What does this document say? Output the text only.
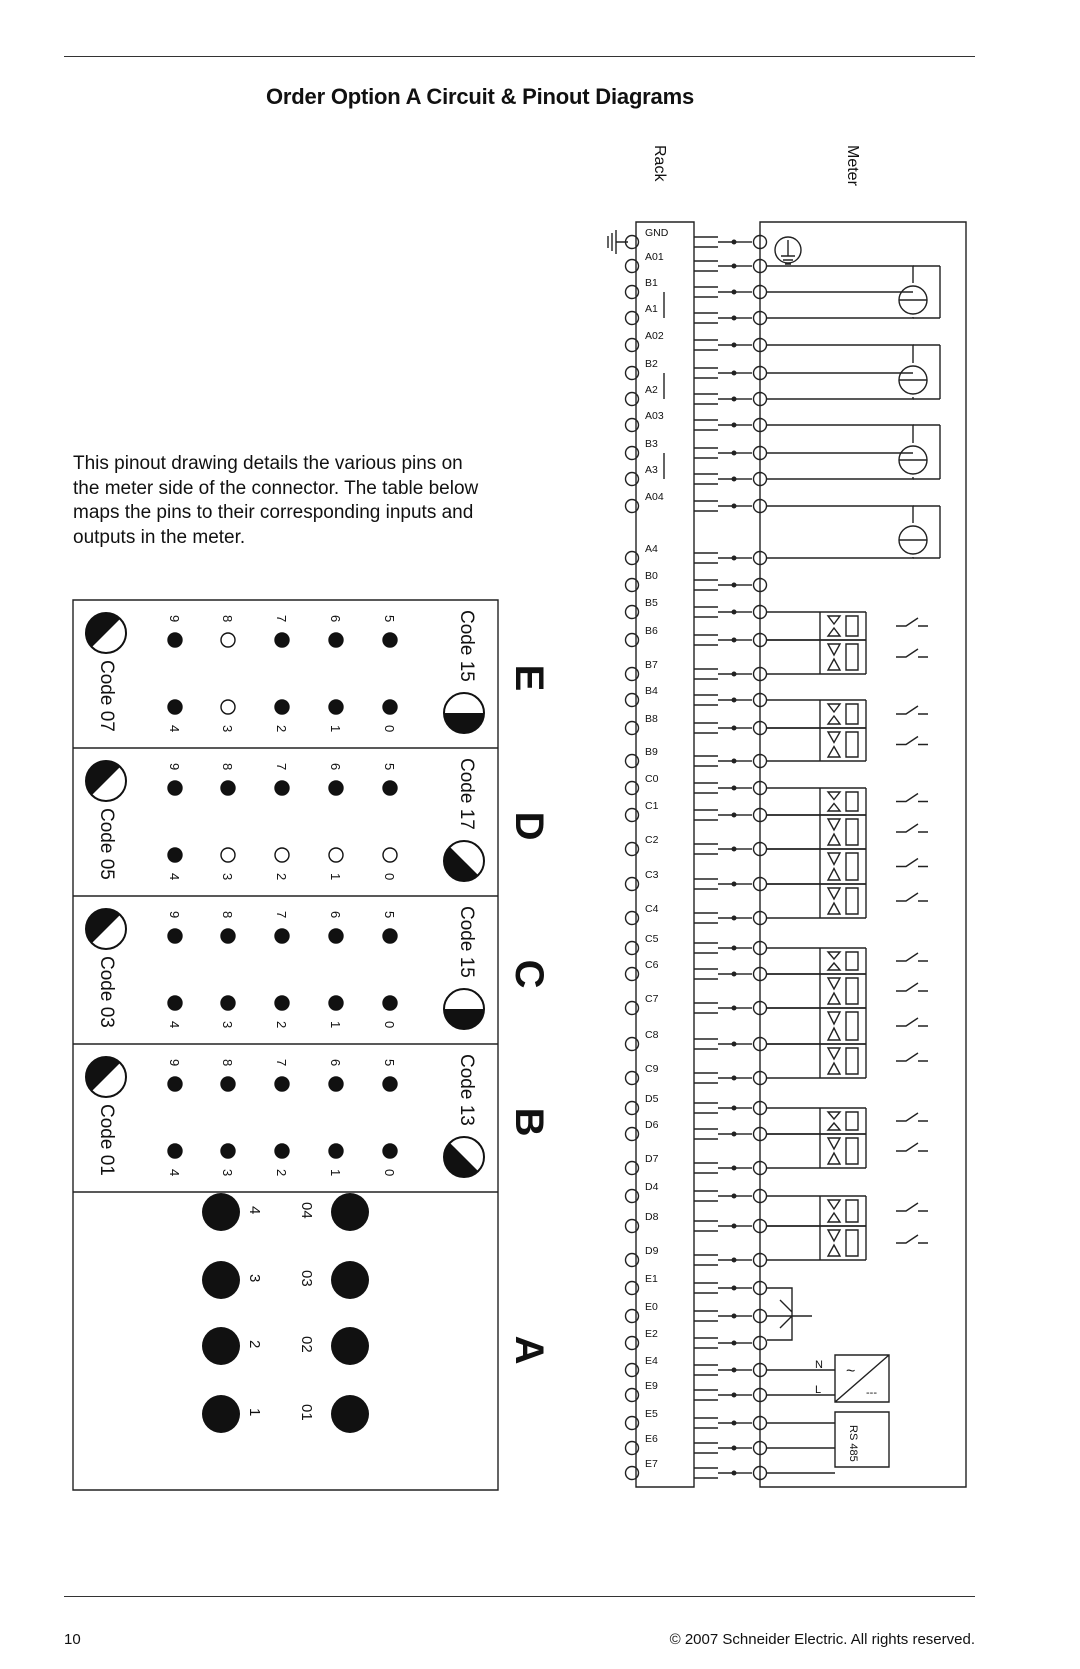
Order Option A Circuit & Pinout Diagrams
This pinout drawing details the various pins on the meter side of the connector. The table below maps the pins to their corresponding inputs and outputs in the meter.
Rack	Meter
GND
A01
B1
A1
A02
B2
A2
A03
B3
A3
A04
A4
B0
B5
B6
B7
B4
B8
B9
C0
C1
C2
C3
C4
C5
C6
C7
C8
C9
D5
D6
D7
D4
D8
D9
E1
E0
E2
E4
E9
E5
E6
E7
N
L
~
---
RS 485
E
Code 07
Code 15
9	8	7	6	5
4	3	2	1	0
D
Code 05
Code 17
9	8	7	6	5
4	3	2	1	0
C
Code 03
Code 15
9	8	7	6	5
4	3	2	1	0
B
Code 01
Code 13
9	8	7	6	5
4	3	2	1	0
A
4 04
3 03
2 02
1 01
10	© 2007 Schneider Electric. All rights reserved.
